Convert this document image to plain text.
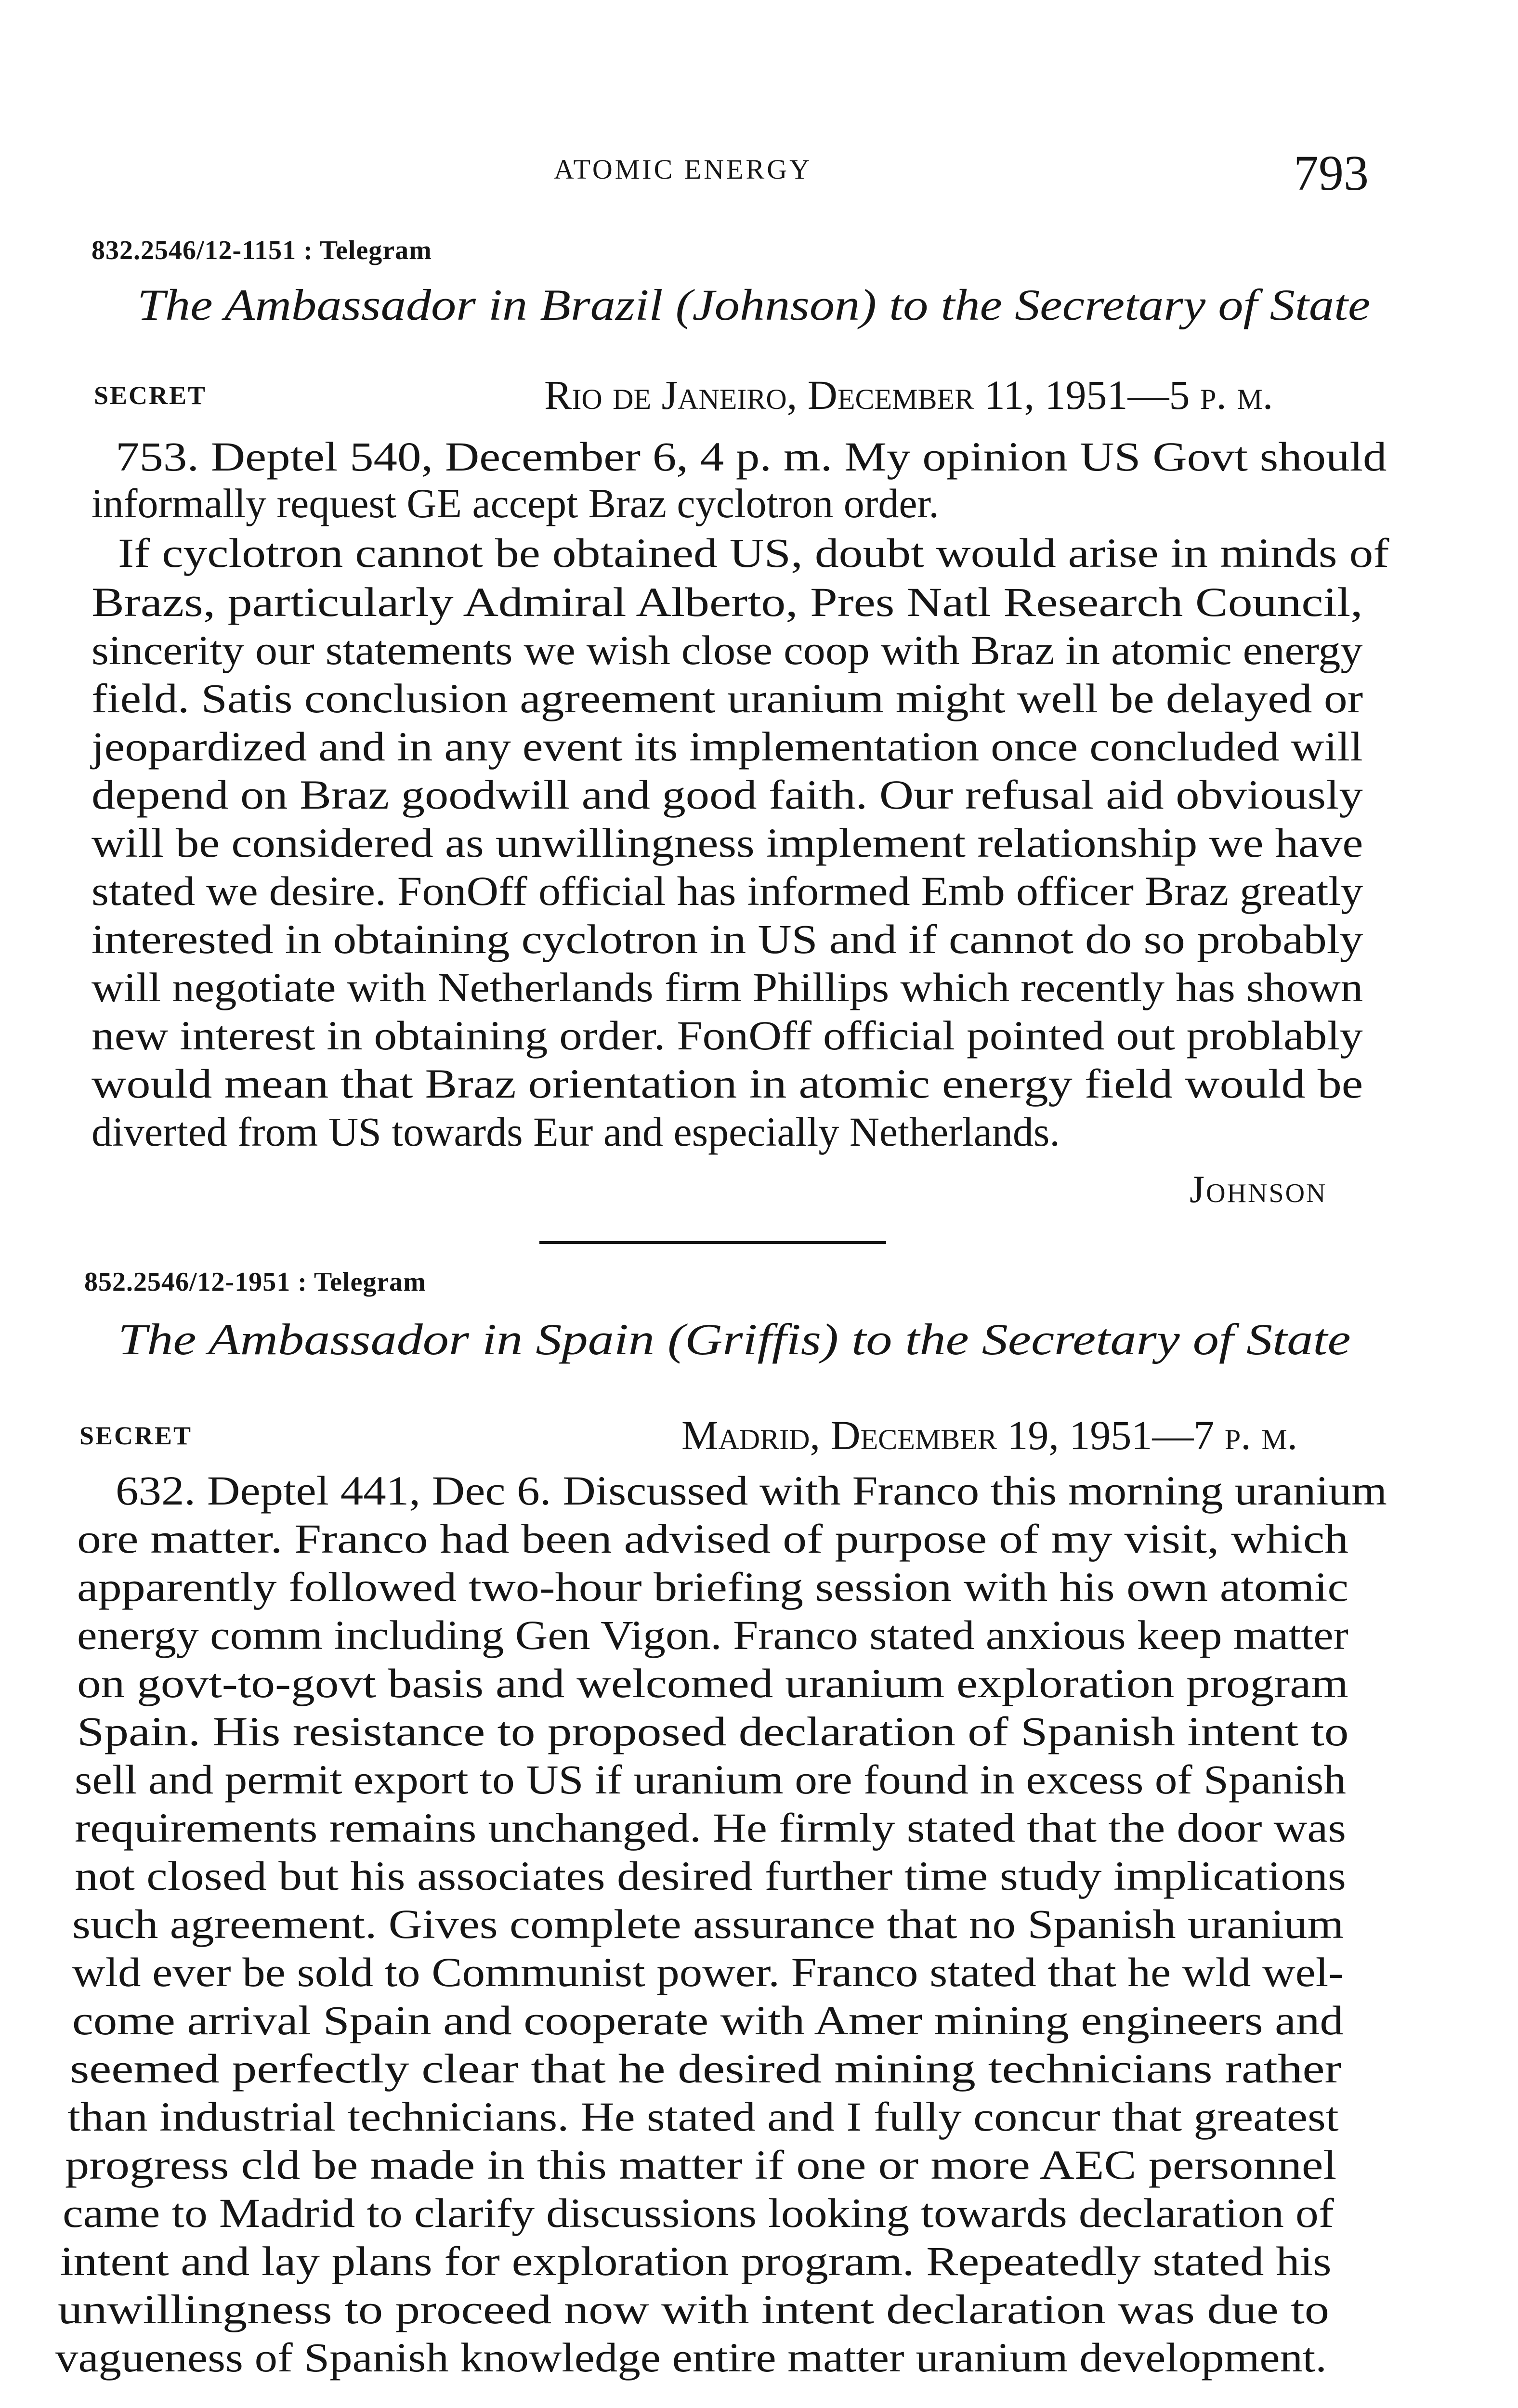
ATOMIC ENERGY	793
832.2546/12-1151 : Telegram
The Ambassador in Brazil (Johnson) to the Secretary of State
SECRET	Rio de Janeiro, December 11, 1951—5 p. m.
753. Deptel 540, December 6, 4 p. m. My opinion US Govt should
informally request GE accept Braz cyclotron order.
If cyclotron cannot be obtained US, doubt would arise in minds of
Brazs, particularly Admiral Alberto, Pres Natl Research Council,
sincerity our statements we wish close coop with Braz in atomic energy
field. Satis conclusion agreement uranium might well be delayed or
jeopardized and in any event its implementation once concluded will
depend on Braz goodwill and good faith. Our refusal aid obviously
will be considered as unwillingness implement relationship we have
stated we desire. FonOff official has informed Emb officer Braz greatly
interested in obtaining cyclotron in US and if cannot do so probably
will negotiate with Netherlands firm Phillips which recently has shown
new interest in obtaining order. FonOff official pointed out problably
would mean that Braz orientation in atomic energy field would be
diverted from US towards Eur and especially Netherlands.
Johnson
852.2546/12-1951 : Telegram
The Ambassador in Spain (Griffis) to the Secretary of State
SECRET	Madrid, December 19, 1951—7 p. m.
632. Deptel 441, Dec 6. Discussed with Franco this morning uranium
ore matter. Franco had been advised of purpose of my visit, which
apparently followed two-hour briefing session with his own atomic
energy comm including Gen Vigon. Franco stated anxious keep matter
on govt-to-govt basis and welcomed uranium exploration program
Spain. His resistance to proposed declaration of Spanish intent to
sell and permit export to US if uranium ore found in excess of Spanish
requirements remains unchanged. He firmly stated that the door was
not closed but his associates desired further time study implications
such agreement. Gives complete assurance that no Spanish uranium
wld ever be sold to Communist power. Franco stated that he wld wel-
come arrival Spain and cooperate with Amer mining engineers and
seemed perfectly clear that he desired mining technicians rather
than industrial technicians. He stated and I fully concur that greatest
progress cld be made in this matter if one or more AEC personnel
came to Madrid to clarify discussions looking towards declaration of
intent and lay plans for exploration program. Repeatedly stated his
unwillingness to proceed now with intent declaration was due to
vagueness of Spanish knowledge entire matter uranium development.
